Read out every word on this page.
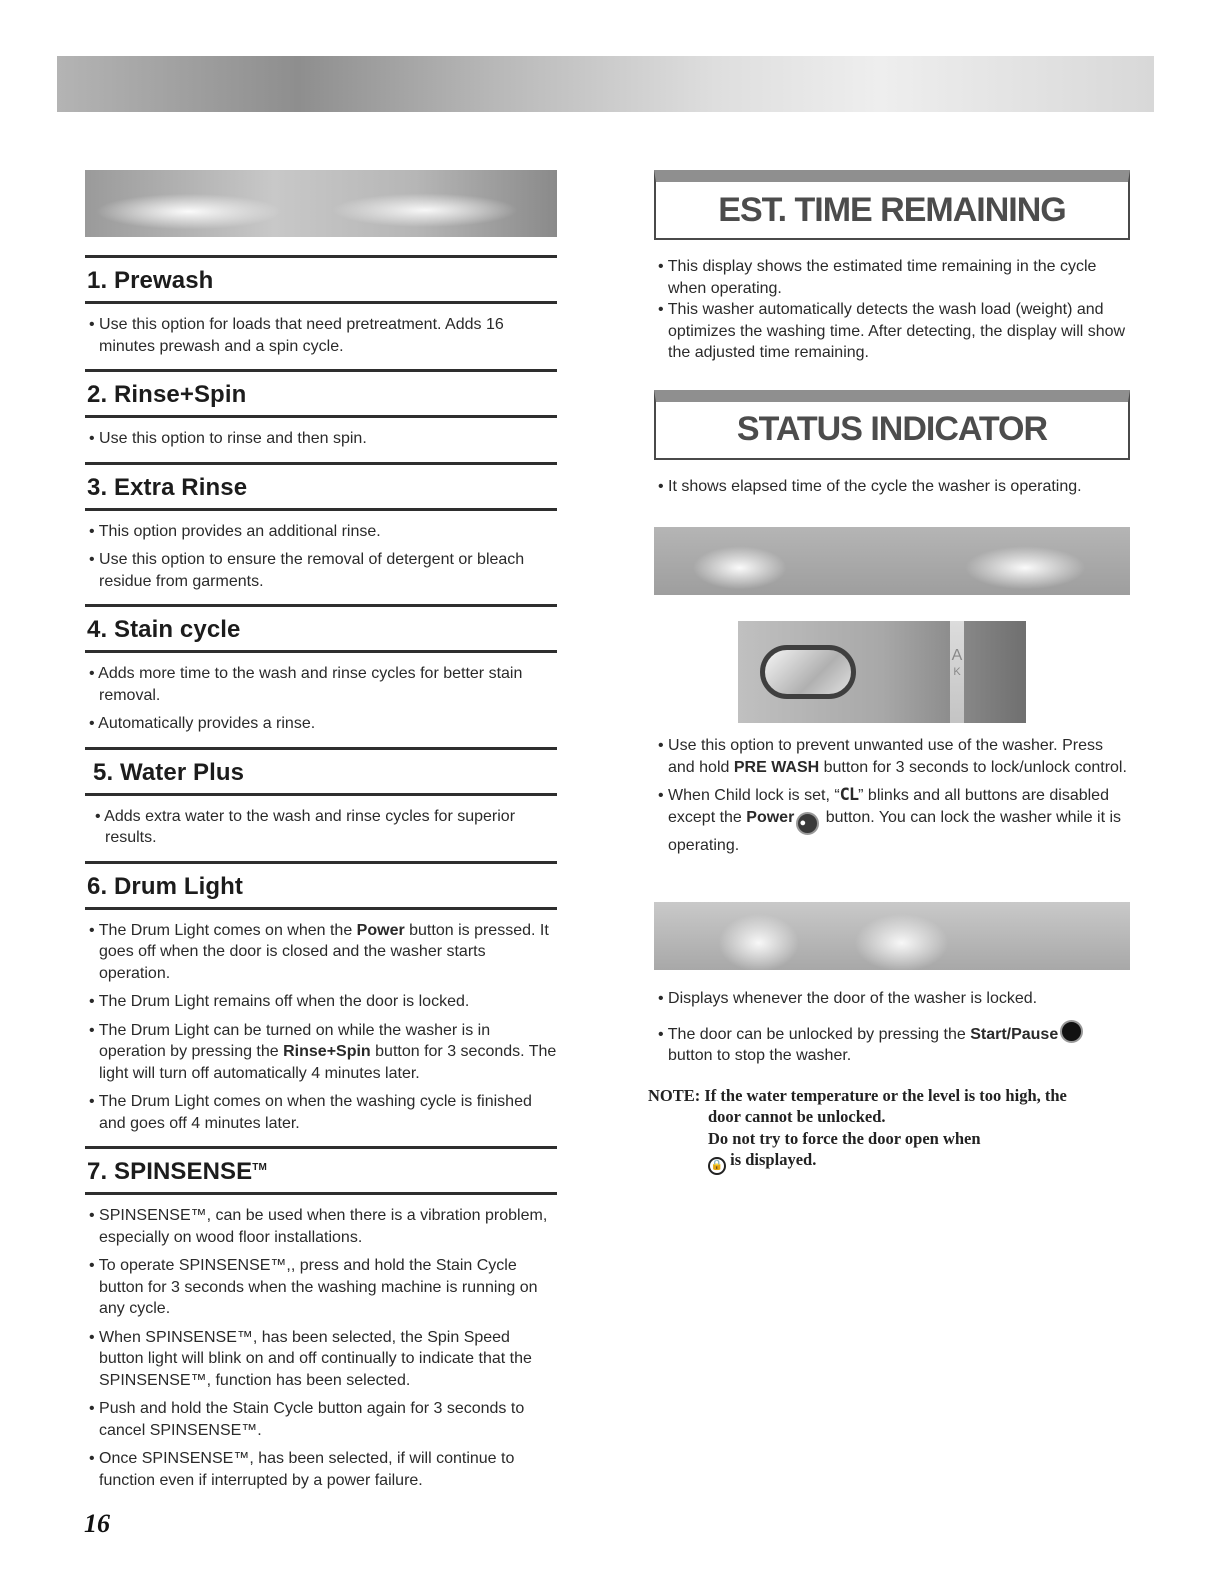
1. Prewash
• Use this option for loads that need pretreatment. Adds 16 minutes prewash and a spin cycle.
2. Rinse+Spin
• Use this option to rinse and then spin.
3. Extra Rinse
• This option provides an additional rinse.
• Use this option to ensure the removal of detergent or bleach residue from garments.
4. Stain cycle
• Adds more time to the wash and rinse cycles for better stain removal.
• Automatically provides a rinse.
5. Water Plus
• Adds extra water to the wash and rinse cycles for superior results.
6. Drum Light
• The Drum Light comes on when the Power button is pressed. It goes off when the door is closed and the washer starts operation.
• The Drum Light remains off when the door is locked.
• The Drum Light can be turned on while the washer is in operation by pressing the Rinse+Spin button for 3 seconds. The light will turn off automatically 4 minutes later.
• The Drum Light comes on when the washing cycle is finished and goes off 4 minutes later.
7. SPINSENSE™
• SPINSENSE™, can be used when there is a vibration problem, especially on wood floor installations.
• To operate SPINSENSE™,, press and hold the Stain Cycle button for 3 seconds when the washing machine is running on any cycle.
• When SPINSENSE™, has been selected, the Spin Speed button light will blink on and off continually to indicate that the SPINSENSE™, function has been selected.
• Push and hold the Stain Cycle button again for 3 seconds to cancel SPINSENSE™.
• Once SPINSENSE™, has been selected, if will continue to function even if interrupted by a power failure.
EST. TIME REMAINING
• This display shows the estimated time remaining in the cycle when operating.
• This washer automatically detects the wash load (weight) and optimizes the washing time. After detecting, the display will show the adjusted time remaining.
STATUS INDICATOR
• It shows elapsed time of the cycle the washer is operating.
A
K
• Use this option to prevent unwanted use of the washer. Press and hold PRE WASH button for 3 seconds to lock/unlock control.
• When Child lock is set, “CL” blinks and all buttons are disabled except the Power ● button. You can lock the washer while it is operating.
• Displays whenever the door of the washer is locked.
• The door can be unlocked by pressing the Start/Pause button to stop the washer.
NOTE: If the water temperature or the level is too high, the
door cannot be unlocked.
Do not try to force the door open when
🔒 is displayed.
16
